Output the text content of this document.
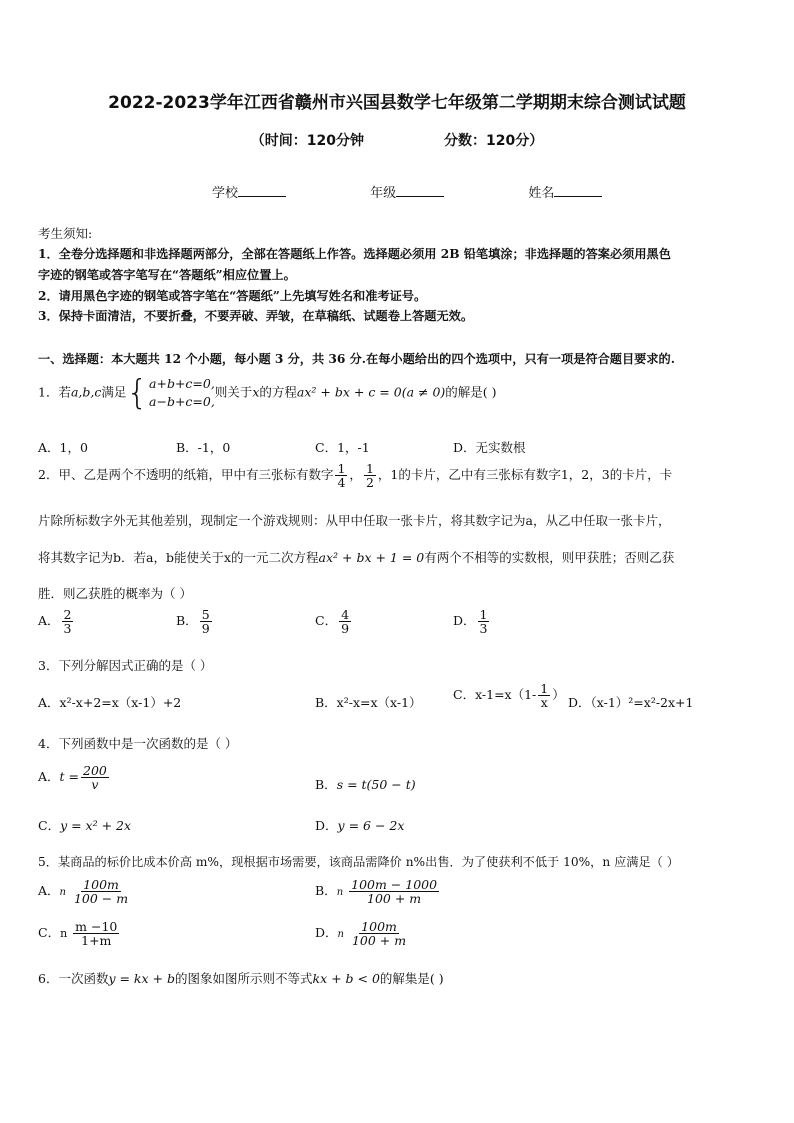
2022-2023学年江西省赣州市兴国县数学七年级第二学期期末综合测试试题
（时间：120分钟	分数：120分）
学校	年级	姓名
考生须知:
1．全卷分选择题和非选择题两部分，全部在答题纸上作答。选择题必须用 2B 铅笔填涂；非选择题的答案必须用黑色
字迹的钢笔或答字笔写在“答题纸”相应位置上。
2．请用黑色字迹的钢笔或答字笔在“答题纸”上先填写姓名和准考证号。
3．保持卡面清洁，不要折叠，不要弄破、弄皱，在草稿纸、试题卷上答题无效。
一、选择题：本大题共 12 个小题，每小题 3 分，共 36 分.在每小题给出的四个选项中，只有一项是符合题目要求的.
1．若a,b,c满足{ a+b+c=0,
a−b+c=0,
则关于x的方程ax² + bx + c = 0(a ≠ 0)的解是( )
A．1，0	B．-1，0	C．1，-1	D．无实数根
2．甲、乙是两个不透明的纸箱，甲中有三张标有数字 $\frac{1}{4}$ ， $\frac{1}{2}$ ，1的卡片，乙中有三张标有数字1，2，3的卡片，卡
片除所标数字外无其他差别，现制定一个游戏规则：从甲中任取一张卡片，将其数字记为a，从乙中任取一张卡片，
将其数字记为b．若a，b能使关于x的一元二次方程ax² + bx + 1 = 0有两个不相等的实数根，则甲获胜；否则乙获
胜．则乙获胜的概率为（ ）
A． $\frac{2}{3}$	B． $\frac{5}{9}$	C． $\frac{4}{9}$	D． $\frac{1}{3}$
3．下列分解因式正确的是（ ）
A．x²-x+2=x（x-1）+2	B．x²-x=x（x-1）
C．$x-1=x(1- \frac{1}{x}$ ）
D．（x-1）²=x²-2x+1
4．下列函数中是一次函数的是（ ）
A．$t = \frac{200}{v}$	B．s = t(50 − t)
C．y = x² + 2x	D．y = 6 − 2x
5．某商品的标价比成本价高 m%，现根据市场需要，该商品需降价 n%出售．为了使获利不低于 10%，n 应满足（ ）
A．n $\frac{100m}{100 - m}$	B．n $\frac{100m - 1000}{100 + m}$
C．n $\frac{m -10}{1+m}$	D．n $\frac{100m}{100 + m}$
6．一次函数y = kx + b的图象如图所示则不等式kx + b < 0的解集是( )
